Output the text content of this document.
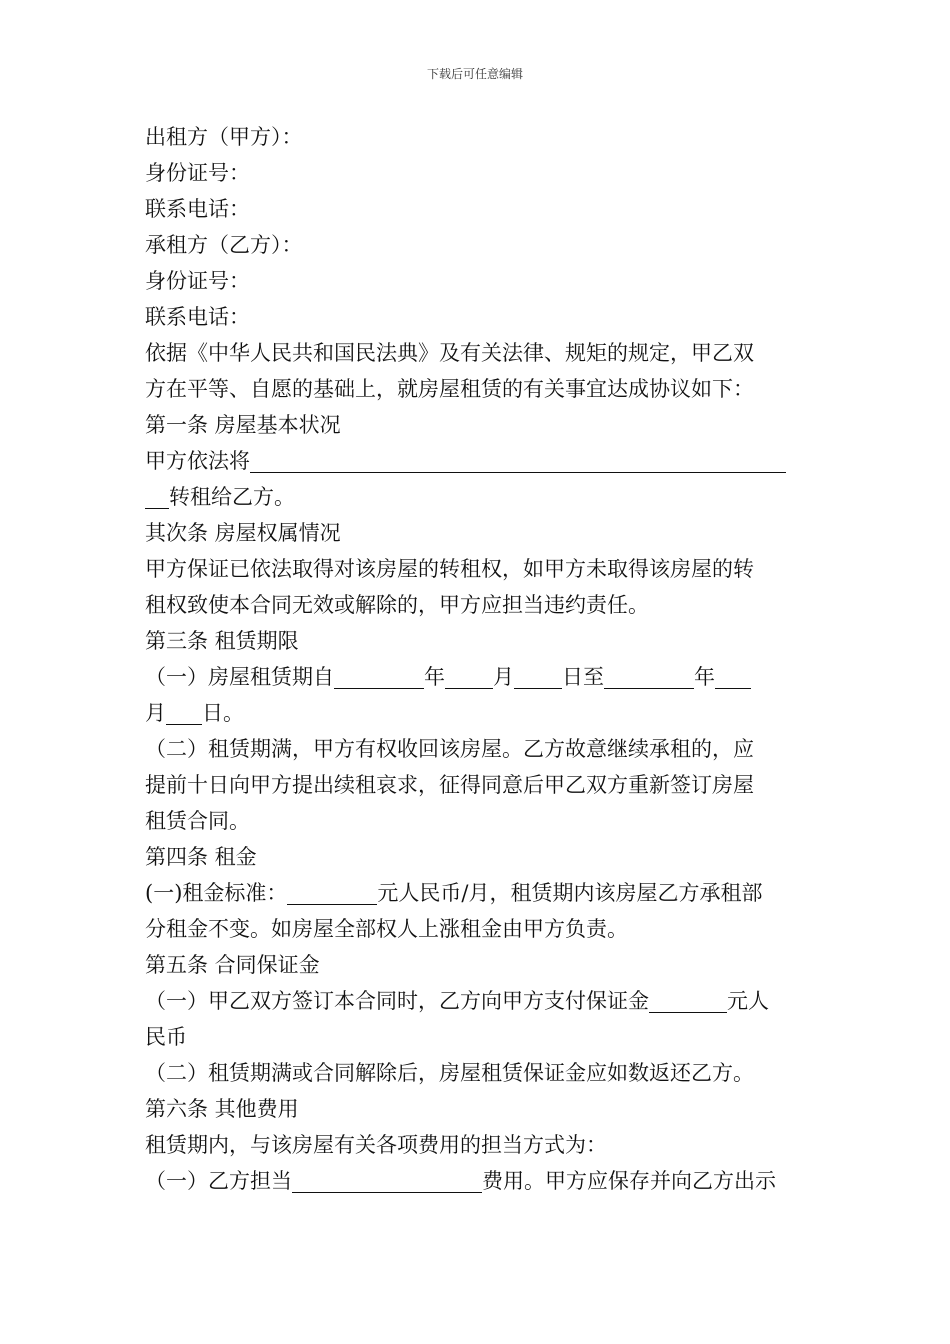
下载后可任意编辑
出租方（甲方）：
身份证号：
联系电话：
承租方（乙方）：
身份证号：
联系电话：
依据《中华人民共和国民法典》及有关法律、规矩的规定，甲乙双
方在平等、自愿的基础上，就房屋租赁的有关事宜达成协议如下：
第一条 房屋基本状况
甲方依法将
转租给乙方。
其次条 房屋权属情况
甲方保证已依法取得对该房屋的转租权，如甲方未取得该房屋的转
租权致使本合同无效或解除的，甲方应担当违约责任。
第三条 租赁期限
（一）房屋租赁期自	年 月 日至	年
月 日。
（二）租赁期满，甲方有权收回该房屋。乙方故意继续承租的，应
提前十日向甲方提出续租哀求，征得同意后甲乙双方重新签订房屋
租赁合同。
第四条 租金
(一)租金标准：	元人民币/月，租赁期内该房屋乙方承租部
分租金不变。如房屋全部权人上涨租金由甲方负责。
第五条 合同保证金
（一）甲乙双方签订本合同时，乙方向甲方支付保证金	元人
民币
（二）租赁期满或合同解除后，房屋租赁保证金应如数返还乙方。
第六条 其他费用
租赁期内，与该房屋有关各项费用的担当方式为：
（一）乙方担当	费用。甲方应保存并向乙方出示
